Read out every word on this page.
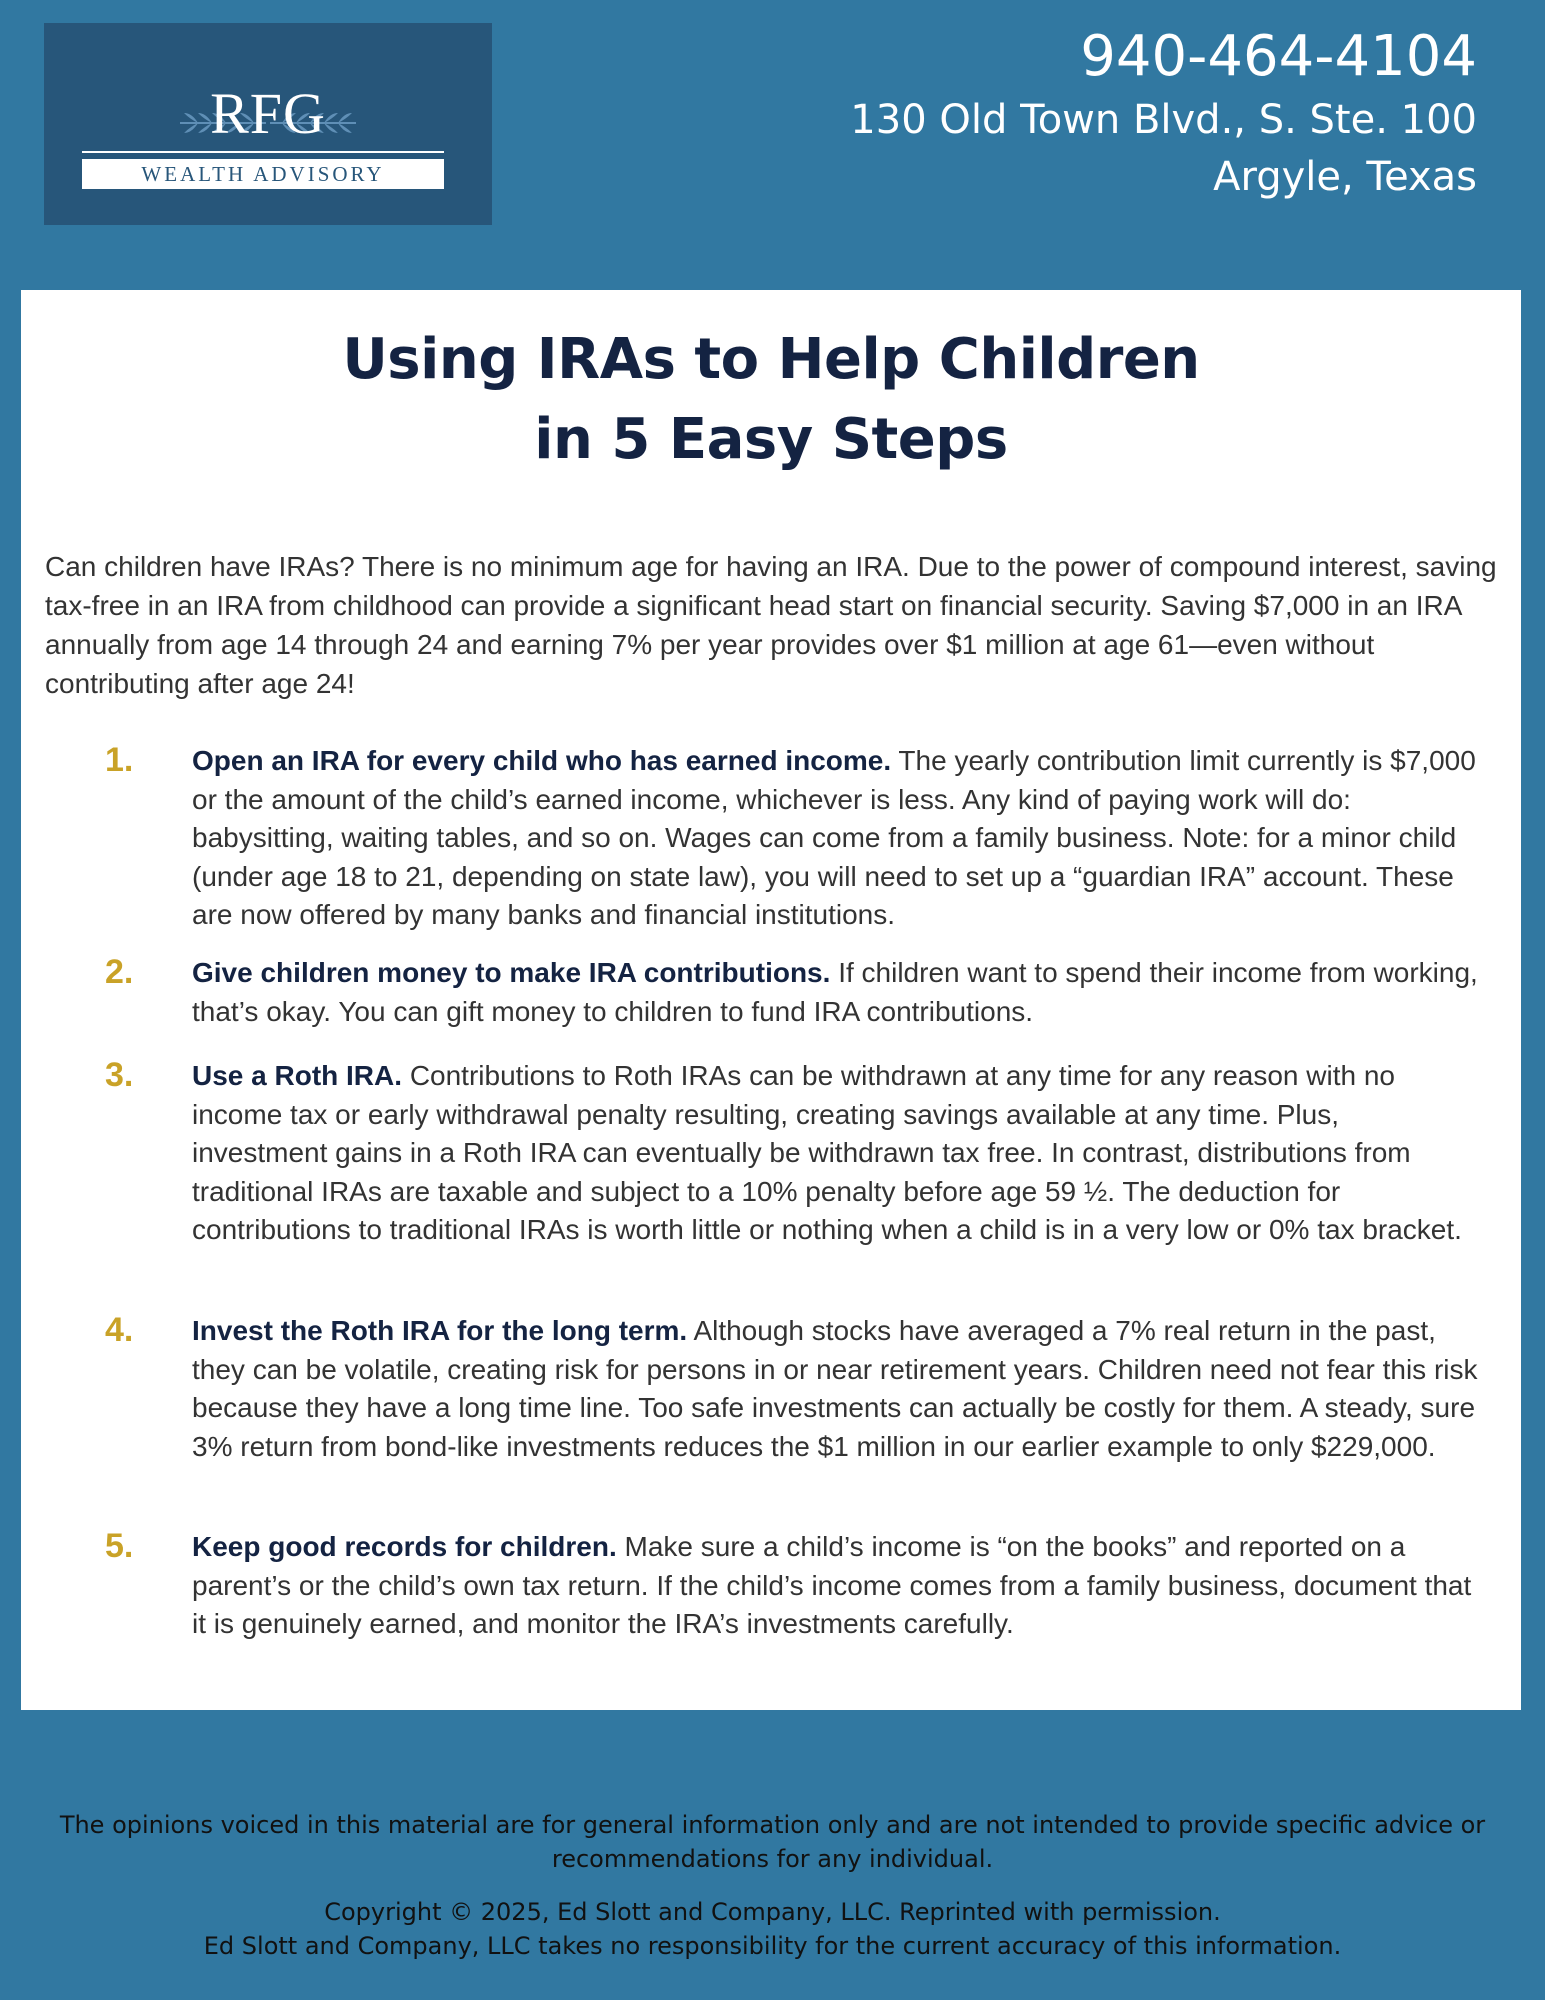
RFG
WEALTH ADVISORY
940-464-4104
130 Old Town Blvd., S. Ste. 100
Argyle, Texas
Using IRAs to Help Children
in 5 Easy Steps
Can children have IRAs? There is no minimum age for having an IRA. Due to the power of compound interest, saving tax-free in an IRA from childhood can provide a significant head start on financial security. Saving $7,000 in an IRA annually from age 14 through 24 and earning 7% per year provides over $1 million at age 61—even without contributing after age 24!
1. Open an IRA for every child who has earned income. The yearly contribution limit currently is $7,000 or the amount of the child’s earned income, whichever is less. Any kind of paying work will do: babysitting, waiting tables, and so on. Wages can come from a family business. Note: for a minor child (under age 18 to 21, depending on state law), you will need to set up a “guardian IRA” account. These are now offered by many banks and financial institutions.
2. Give children money to make IRA contributions. If children want to spend their income from working, that’s okay. You can gift money to children to fund IRA contributions.
3. Use a Roth IRA. Contributions to Roth IRAs can be withdrawn at any time for any reason with no income tax or early withdrawal penalty resulting, creating savings available at any time. Plus, investment gains in a Roth IRA can eventually be withdrawn tax free. In contrast, distributions from traditional IRAs are taxable and subject to a 10% penalty before age 59 ½. The deduction for contributions to traditional IRAs is worth little or nothing when a child is in a very low or 0% tax bracket.
4. Invest the Roth IRA for the long term. Although stocks have averaged a 7% real return in the past, they can be volatile, creating risk for persons in or near retirement years. Children need not fear this risk because they have a long time line. Too safe investments can actually be costly for them. A steady, sure 3% return from bond-like investments reduces the $1 million in our earlier example to only $229,000.
5. Keep good records for children. Make sure a child’s income is “on the books” and reported on a parent’s or the child’s own tax return. If the child’s income comes from a family business, document that it is genuinely earned, and monitor the IRA’s investments carefully.
The opinions voiced in this material are for general information only and are not intended to provide specific advice or
recommendations for any individual.
Copyright © 2025, Ed Slott and Company, LLC. Reprinted with permission.
Ed Slott and Company, LLC takes no responsibility for the current accuracy of this information.
